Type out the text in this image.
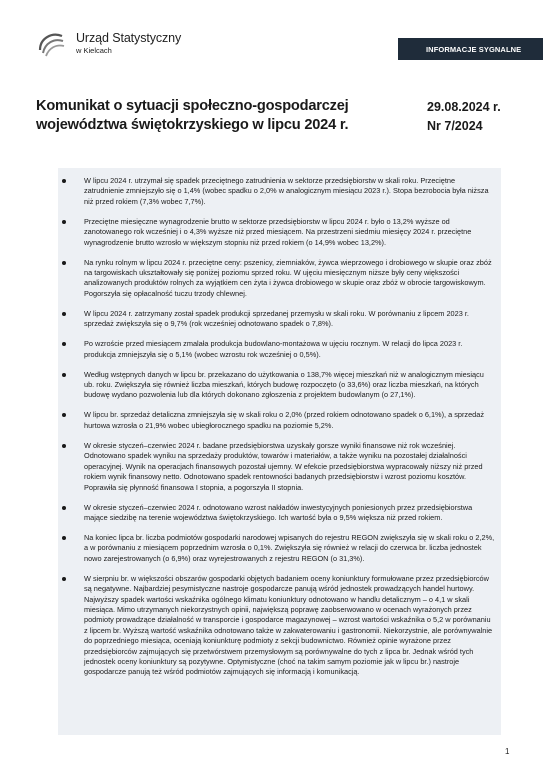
Urząd Statystyczny
w Kielcach	INFORMACJE SYGNALNE
Komunikat o sytuacji społeczno-gospodarczej województwa świętokrzyskiego w lipcu 2024 r.
29.08.2024 r.
Nr 7/2024
W lipcu 2024 r. utrzymał się spadek przeciętnego zatrudnienia w sektorze przedsiębiorstw w skali roku. Przeciętne zatrudnienie zmniejszyło się o 1,4% (wobec spadku o 2,0% w analogicznym miesiącu 2023 r.). Stopa bezrobocia była niższa niż przed rokiem (7,3% wobec 7,7%).
Przeciętne miesięczne wynagrodzenie brutto w sektorze przedsiębiorstw w lipcu 2024 r. było o 13,2% wyższe od zanotowanego rok wcześniej i o 4,3% wyższe niż przed miesiącem. Na przestrzeni siedmiu miesięcy 2024 r. przeciętne wynagrodzenie brutto wzrosło w większym stopniu niż przed rokiem (o 14,9% wobec 13,2%).
Na rynku rolnym w lipcu 2024 r. przeciętne ceny: pszenicy, ziemniaków, żywca wieprzowego i drobiowego w skupie oraz zbóż na targowiskach ukształtowały się poniżej poziomu sprzed roku. W ujęciu miesięcznym niższe były ceny większości analizowanych produktów rolnych za wyjątkiem cen żyta i żywca drobiowego w skupie oraz zbóż w obrocie targowiskowym. Pogorszyła się opłacalność tuczu trzody chlewnej.
W lipcu 2024 r. zatrzymany został spadek produkcji sprzedanej przemysłu w skali roku. W porównaniu z lipcem 2023 r. sprzedaż zwiększyła się o 9,7% (rok wcześniej odnotowano spadek o 7,8%).
Po wzroście przed miesiącem zmalała produkcja budowlano-montażowa w ujęciu rocznym. W relacji do lipca 2023 r. produkcja zmniejszyła się o 5,1% (wobec wzrostu rok wcześniej o 0,5%).
Według wstępnych danych w lipcu br. przekazano do użytkowania o 138,7% więcej mieszkań niż w analogicznym miesiącu ub. roku. Zwiększyła się również liczba mieszkań, których budowę rozpoczęto (o 33,6%) oraz liczba mieszkań, na których budowę wydano pozwolenia lub dla których dokonano zgłoszenia z projektem budowlanym (o 27,1%).
W lipcu br. sprzedaż detaliczna zmniejszyła się w skali roku o 2,0% (przed rokiem odnotowano spadek o 6,1%), a sprzedaż hurtowa wzrosła o 21,9% wobec ubiegłorocznego spadku na poziomie 5,2%.
W okresie styczeń–czerwiec 2024 r. badane przedsiębiorstwa uzyskały gorsze wyniki finansowe niż rok wcześniej. Odnotowano spadek wyniku na sprzedaży produktów, towarów i materiałów, a także wyniku na pozostałej działalności operacyjnej. Wynik na operacjach finansowych pozostał ujemny. W efekcie przedsiębiorstwa wypracowały niższy niż przed rokiem wynik finansowy netto. Odnotowano spadek rentowności badanych przedsiębiorstw i wzrost poziomu kosztów. Poprawiła się płynność finansowa I stopnia, a pogorszyła II stopnia.
W okresie styczeń–czerwiec 2024 r. odnotowano wzrost nakładów inwestycyjnych poniesionych przez przedsiębiorstwa mające siedzibę na terenie województwa świętokrzyskiego. Ich wartość była o 9,5% większa niż przed rokiem.
Na koniec lipca br. liczba podmiotów gospodarki narodowej wpisanych do rejestru REGON zwiększyła się w skali roku o 2,2%, a w porównaniu z miesiącem poprzednim wzrosła o 0,1%. Zwiększyła się również w relacji do czerwca br. liczba jednostek nowo zarejestrowanych (o 6,9%) oraz wyrejestrowanych z rejestru REGON (o 31,3%).
W sierpniu br. w większości obszarów gospodarki objętych badaniem oceny koniunktury formułowane przez przedsiębiorców są negatywne. Najbardziej pesymistyczne nastroje gospodarcze panują wśród jednostek prowadzących handel hurtowy. Najwyższy spadek wartości wskaźnika ogólnego klimatu koniunktury odnotowano w handlu detalicznym – o 4,1 w skali miesiąca. Mimo utrzymanych niekorzystnych opinii, największą poprawę zaobserwowano w ocenach wyrażonych przez podmioty prowadzące działalność w transporcie i gospodarce magazynowej – wzrost wartości wskaźnika o 5,2 w porównaniu z lipcem br. Wyższą wartość wskaźnika odnotowano także w zakwaterowaniu i gastronomii. Niekorzystnie, ale porównywalnie do poprzedniego miesiąca, oceniają koniunkturę podmioty z sekcji budownictwo. Również opinie wyrażone przez przedsiębiorców zajmujących się przetwórstwem przemysłowym są porównywalne do tych z lipca br. Jednak wśród tych jednostek oceny koniunktury są pozytywne. Optymistyczne (choć na takim samym poziomie jak w lipcu br.) nastroje gospodarcze panują też wśród podmiotów zajmujących się informacją i komunikacją.
1
